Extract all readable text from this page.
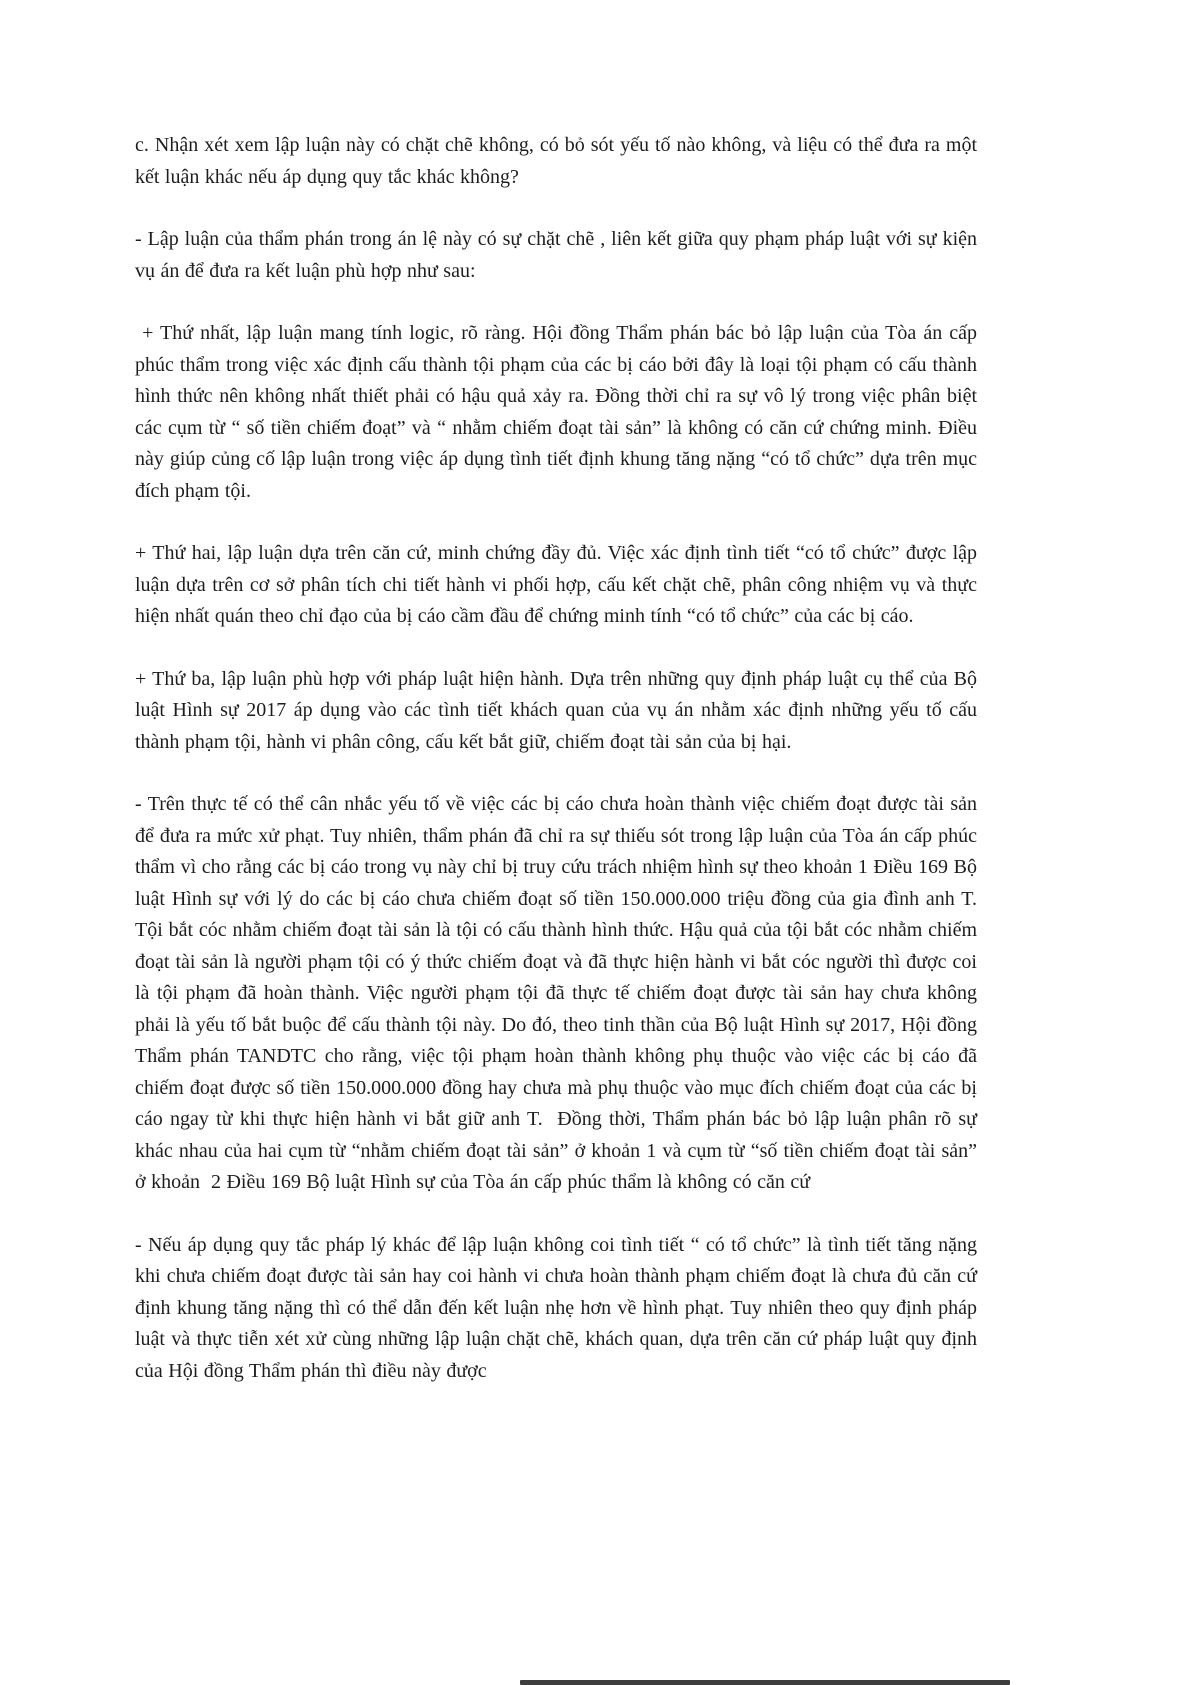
c. Nhận xét xem lập luận này có chặt chẽ không, có bỏ sót yếu tố nào không, và liệu có thể đưa ra một kết luận khác nếu áp dụng quy tắc khác không?

- Lập luận của thẩm phán trong án lệ này có sự chặt chẽ , liên kết giữa quy phạm pháp luật với sự kiện vụ án để đưa ra kết luận phù hợp như sau:

+ Thứ nhất, lập luận mang tính logic, rõ ràng. Hội đồng Thẩm phán bác bỏ lập luận của Tòa án cấp phúc thẩm trong việc xác định cấu thành tội phạm của các bị cáo bởi đây là loại tội phạm có cấu thành hình thức nên không nhất thiết phải có hậu quả xảy ra. Đồng thời chỉ ra sự vô lý trong việc phân biệt các cụm từ “ số tiền chiếm đoạt” và “ nhằm chiếm đoạt tài sản” là không có căn cứ chứng minh. Điều này giúp củng cố lập luận trong việc áp dụng tình tiết định khung tăng nặng “có tổ chức” dựa trên mục đích phạm tội.

+ Thứ hai, lập luận dựa trên căn cứ, minh chứng đầy đủ. Việc xác định tình tiết “có tổ chức” được lập luận dựa trên cơ sở phân tích chi tiết hành vi phối hợp, cấu kết chặt chẽ, phân công nhiệm vụ và thực hiện nhất quán theo chỉ đạo của bị cáo cầm đầu để chứng minh tính “có tổ chức” của các bị cáo.

+ Thứ ba, lập luận phù hợp với pháp luật hiện hành. Dựa trên những quy định pháp luật cụ thể của Bộ luật Hình sự 2017 áp dụng vào các tình tiết khách quan của vụ án nhằm xác định những yếu tố cấu thành phạm tội, hành vi phân công, cấu kết bắt giữ, chiếm đoạt tài sản của bị hại.

- Trên thực tế có thể cân nhắc yếu tố về việc các bị cáo chưa hoàn thành việc chiếm đoạt được tài sản để đưa ra mức xử phạt. Tuy nhiên, thẩm phán đã chỉ ra sự thiếu sót trong lập luận của Tòa án cấp phúc thẩm vì cho rằng các bị cáo trong vụ này chỉ bị truy cứu trách nhiệm hình sự theo khoản 1 Điều 169 Bộ luật Hình sự với lý do các bị cáo chưa chiếm đoạt số tiền 150.000.000 triệu đồng của gia đình anh T. Tội bắt cóc nhằm chiếm đoạt tài sản là tội có cấu thành hình thức. Hậu quả của tội bắt cóc nhằm chiếm đoạt tài sản là người phạm tội có ý thức chiếm đoạt và đã thực hiện hành vi bắt cóc người thì được coi là tội phạm đã hoàn thành. Việc người phạm tội đã thực tế chiếm đoạt được tài sản hay chưa không phải là yếu tố bắt buộc để cấu thành tội này. Do đó, theo tinh thần của Bộ luật Hình sự 2017, Hội đồng Thẩm phán TANDTC cho rằng, việc tội phạm hoàn thành không phụ thuộc vào việc các bị cáo đã chiếm đoạt được số tiền 150.000.000 đồng hay chưa mà phụ thuộc vào mục đích chiếm đoạt của các bị cáo ngay từ khi thực hiện hành vi bắt giữ anh T.  Đồng thời, Thẩm phán bác bỏ lập luận phân rõ sự khác nhau của hai cụm từ “nhằm chiếm đoạt tài sản” ở khoản 1 và cụm từ “số tiền chiếm đoạt tài sản” ở khoản  2 Điều 169 Bộ luật Hình sự của Tòa án cấp phúc thẩm là không có căn cứ

- Nếu áp dụng quy tắc pháp lý khác để lập luận không coi tình tiết “ có tổ chức” là tình tiết tăng nặng khi chưa chiếm đoạt được tài sản hay coi hành vi chưa hoàn thành phạm chiếm đoạt là chưa đủ căn cứ định khung tăng nặng thì có thể dẫn đến kết luận nhẹ hơn về hình phạt. Tuy nhiên theo quy định pháp luật và thực tiễn xét xử cùng những lập luận chặt chẽ, khách quan, dựa trên căn cứ pháp luật quy định của Hội đồng Thẩm phán thì điều này được
